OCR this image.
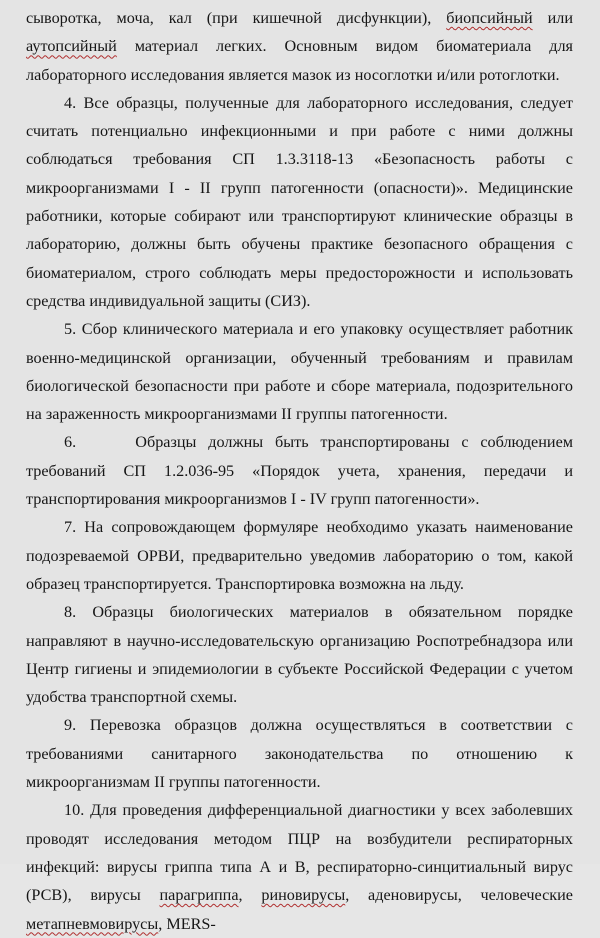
сыворотка, моча, кал (при кишечной дисфункции), биопсийный или аутопсийный материал легких. Основным видом биоматериала для лабораторного исследования является мазок из носоглотки и/или ротоглотки.

4. Все образцы, полученные для лабораторного исследования, следует считать потенциально инфекционными и при работе с ними должны соблюдаться требования СП 1.3.3118-13 «Безопасность работы с микроорганизмами I - II групп патогенности (опасности)». Медицинские работники, которые собирают или транспортируют клинические образцы в лабораторию, должны быть обучены практике безопасного обращения с биоматериалом, строго соблюдать меры предосторожности и использовать средства индивидуальной защиты (СИЗ).

5. Сбор клинического материала и его упаковку осуществляет работник военно-медицинской организации, обученный требованиям и правилам биологической безопасности при работе и сборе материала, подозрительного на зараженность микроорганизмами II группы патогенности.

6.     Образцы должны быть транспортированы с соблюдением требований СП 1.2.036-95 «Порядок учета, хранения, передачи и транспортирования микроорганизмов I - IV групп патогенности».

7. На сопровождающем формуляре необходимо указать наименование подозреваемой ОРВИ, предварительно уведомив лабораторию о том, какой образец транспортируется. Транспортировка возможна на льду.

8. Образцы биологических материалов в обязательном порядке направляют в научно-исследовательскую организацию Роспотребнадзора или Центр гигиены и эпидемиологии в субъекте Российской Федерации с учетом удобства транспортной схемы.

9. Перевозка образцов должна осуществляться в соответствии с требованиями санитарного законодательства по отношению к микроорганизмам II группы патогенности.

10. Для проведения дифференциальной диагностики у всех заболевших проводят исследования методом ПЦР на возбудители респираторных инфекций: вирусы гриппа типа А и В, респираторно-синцитиальный вирус (РСВ), вирусы парагриппа, риновирусы, аденовирусы, человеческие метапневмовирусы, MERS-
